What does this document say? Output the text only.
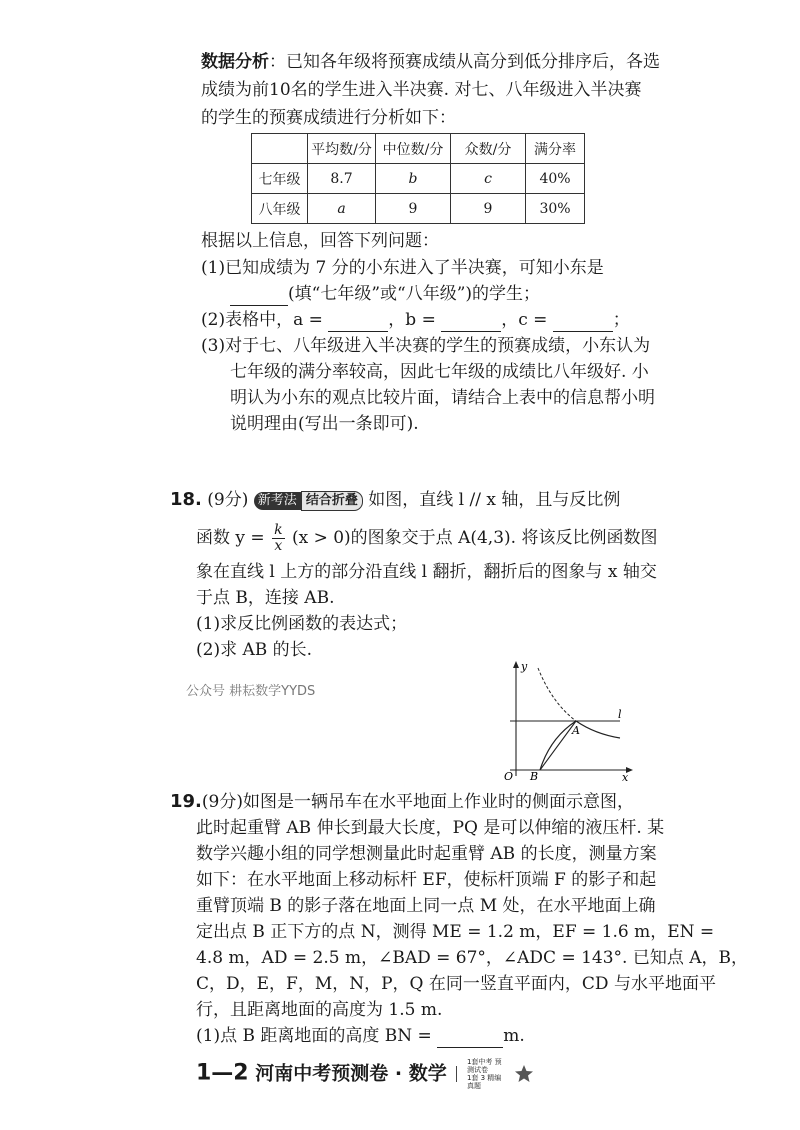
数据分析：已知各年级将预赛成绩从高分到低分排序后，各选
成绩为前10名的学生进入半决赛. 对七、八年级进入半决赛
的学生的预赛成绩进行分析如下：
	平均数/分	中位数/分	众数/分	满分率
七年级	8.7	b	c	40%
八年级	a	9	9	30%
根据以上信息，回答下列问题：
(1)已知成绩为 7 分的小东进入了半决赛，可知小东是
(填“七年级”或“八年级”)的学生；
(2)表格中，a =	，b =	，c =	；
(3)对于七、八年级进入半决赛的学生的预赛成绩，小东认为
七年级的满分率较高，因此七年级的成绩比八年级好. 小
明认为小东的观点比较片面，请结合上表中的信息帮小明
说明理由(写出一条即可).
18. (9分) 新考法 结合折叠 如图，直线 l // x 轴，且与反比例
函数 $y = \frac{k}{x} (x > 0)$的图象交于点 A(4,3). 将该反比例函数图
象在直线 l 上方的部分沿直线 l 翻折，翻折后的图象与 x 轴交
于点 B，连接 AB.
(1)求反比例函数的表达式；
(2)求 AB 的长.
公众号 耕耘数学YYDS
y
x
O B
A
l
19.(9分)如图是一辆吊车在水平地面上作业时的侧面示意图，
此时起重臂 AB 伸长到最大长度，PQ 是可以伸缩的液压杆. 某
数学兴趣小组的同学想测量此时起重臂 AB 的长度，测量方案
如下：在水平地面上移动标杆 EF，使标杆顶端 F 的影子和起
重臂顶端 B 的影子落在地面上同一点 M 处，在水平地面上确
定出点 B 正下方的点 N，测得 ME = 1.2 m，EF = 1.6 m，EN =
4.8 m，AD = 2.5 m，∠BAD = 67°，∠ADC = 143°. 已知点 A，B，
C，D，E，F，M，N，P，Q 在同一竖直平面内，CD 与水平地面平
行，且距离地面的高度为 1.5 m.
(1)点 B 距离地面的高度 BN =	m.
1—2 河南中考预测卷 · 数学  1套中考 预测试卷
1套 3 精编真题
